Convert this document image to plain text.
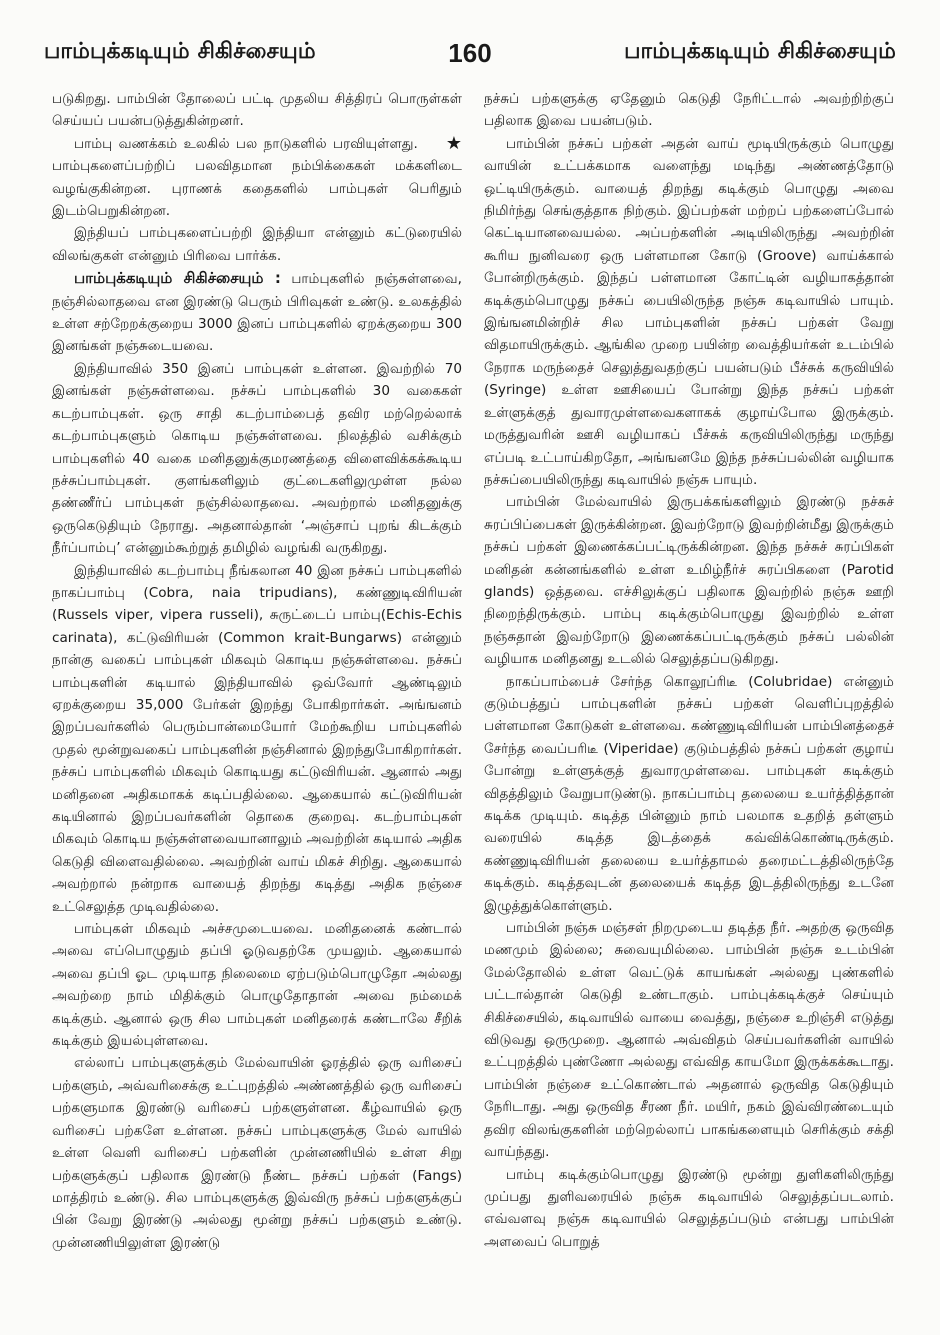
பாம்புக்கடியும் சிகிச்சையும்	160	பாம்புக்கடியும் சிகிச்சையும்

படுகிறது. பாம்பின் தோலைப் பட்டி முதலிய சித்திரப் பொருள்கள் செய்யப் பயன்படுத்துகின்றனர்.

★
பாம்பு வணக்கம் உலகில் பல நாடுகளில் பரவியுள்ளது. பாம்புகளைப்பற்றிப் பலவிதமான நம்பிக்கைகள் மக்களிடை வழங்குகின்றன. புராணக் கதைகளில் பாம்புகள் பெரிதும் இடம்பெறுகின்றன.

இந்தியப் பாம்புகளைப்பற்றி இந்தியா என்னும் கட்டுரையில் விலங்குகள் என்னும் பிரிவை பார்க்க.

பாம்புக்கடியும் சிகிச்சையும் : பாம்புகளில் நஞ்சுள்ளவை, நஞ்சில்லாதவை என இரண்டு பெரும் பிரிவுகள் உண்டு. உலகத்தில் உள்ள சற்றேறக்குறைய 3000 இனப் பாம்புகளில் ஏறக்குறைய 300 இனங்கள் நஞ்சுடையவை.

இந்தியாவில் 350 இனப் பாம்புகள் உள்ளன. இவற்றில் 70 இனங்கள் நஞ்சுள்ளவை. நச்சுப் பாம்புகளில் 30 வகைகள் கடற்பாம்புகள். ஒரு சாதி கடற்பாம்பைத் தவிர மற்றெல்லாக் கடற்பாம்புகளும் கொடிய நஞ்சுள்ளவை. நிலத்தில் வசிக்கும் பாம்புகளில் 40 வகை மனிதனுக்குமரணத்தை விளைவிக்கக்கூடிய நச்சுப்பாம்புகள். குளங்களிலும் குட்டைகளிலுமுள்ள நல்ல தண்ணீர்ப் பாம்புகள் நஞ்சில்லாதவை. அவற்றால் மனிதனுக்கு ஒருகெடுதியும் நேராது. அதனால்தான் ‘அஞ்சாப் புறங் கிடக்கும் நீர்ப்பாம்பு’ என்னும்கூற்றுத் தமிழில் வழங்கி வருகிறது.

இந்தியாவில் கடற்பாம்பு நீங்கலான 40 இன நச்சுப் பாம்புகளில் நாகப்பாம்பு (Cobra, naia tripudians), கண்ணுடிவிரியன் (Russels viper, vipera russeli), சுருட்டைப் பாம்பு(Echis-Echis carinata), கட்டுவிரியன் (Common krait-Bungarws) என்னும் நான்கு வகைப் பாம்புகள் மிகவும் கொடிய நஞ்சுள்ளவை. நச்சுப் பாம்புகளின் கடியால் இந்தியாவில் ஒவ்வோர் ஆண்டிலும் ஏறக்குறைய 35,000 பேர்கள் இறந்து போகிறார்கள். அங்ஙனம் இறப்பவர்களில் பெரும்பான்மையோர் மேற்கூறிய பாம்புகளில் முதல் மூன்றுவகைப் பாம்புகளின் நஞ்சினால் இறந்துபோகிறார்கள். நச்சுப் பாம்புகளில் மிகவும் கொடியது கட்டுவிரியன். ஆனால் அது மனிதனை அதிகமாகக் கடிப்பதில்லை. ஆகையால் கட்டுவிரியன் கடியினால் இறப்பவர்களின் தொகை குறைவு. கடற்பாம்புகள் மிகவும் கொடிய நஞ்சுள்ளவையானாலும் அவற்றின் கடியால் அதிக கெடுதி விளைவதில்லை. அவற்றின் வாய் மிகச் சிறிது. ஆகையால் அவற்றால் நன்றாக வாயைத் திறந்து கடித்து அதிக நஞ்சை உட்செலுத்த முடிவதில்லை.

பாம்புகள் மிகவும் அச்சமுடையவை. மனிதனைக் கண்டால் அவை எப்பொழுதும் தப்பி ஓடுவதற்கே முயலும். ஆகையால் அவை தப்பி ஓட முடியாத நிலைமை ஏற்படும்பொழுதோ அல்லது அவற்றை நாம் மிதிக்கும் பொழுதோதான் அவை நம்மைக் கடிக்கும். ஆனால் ஒரு சில பாம்புகள் மனிதரைக் கண்டாலே சீறிக் கடிக்கும் இயல்புள்ளவை.

எல்லாப் பாம்புகளுக்கும் மேல்வாயின் ஓரத்தில் ஒரு வரிசைப் பற்களும், அவ்வரிசைக்கு உட்புறத்தில் அண்ணத்தில் ஒரு வரிசைப் பற்களுமாக இரண்டு வரிசைப் பற்களுள்ளன. கீழ்வாயில் ஒரு வரிசைப் பற்களே உள்ளன. நச்சுப் பாம்புகளுக்கு மேல் வாயில் உள்ள வெளி வரிசைப் பற்களின் முன்னணியில் உள்ள சிறு பற்களுக்குப் பதிலாக இரண்டு நீண்ட நச்சுப் பற்கள் (Fangs) மாத்திரம் உண்டு. சில பாம்புகளுக்கு இவ்விரு நச்சுப் பற்களுக்குப் பின் வேறு இரண்டு அல்லது மூன்று நச்சுப் பற்களும் உண்டு. முன்னணியிலுள்ள இரண்டு

நச்சுப் பற்களுக்கு ஏதேனும் கெடுதி நேரிட்டால் அவற்றிற்குப் பதிலாக இவை பயன்படும்.

பாம்பின் நச்சுப் பற்கள் அதன் வாய் மூடியிருக்கும் பொழுது வாயின் உட்பக்கமாக வளைந்து மடிந்து அண்ணத்தோடு ஒட்டியிருக்கும். வாயைத் திறந்து கடிக்கும் பொழுது அவை நிமிர்ந்து செங்குத்தாக நிற்கும். இப்பற்கள் மற்றப் பற்களைப்போல் கெட்டியானவையல்ல. அப்பற்களின் அடியிலிருந்து அவற்றின் கூரிய நுனிவரை ஒரு பள்ளமான கோடு (Groove) வாய்க்கால் போன்றிருக்கும். இந்தப் பள்ளமான கோட்டின் வழியாகத்தான் கடிக்கும்பொழுது நச்சுப் பையிலிருந்த நஞ்சு கடிவாயில் பாயும். இங்ஙனமின்றிச் சில பாம்புகளின் நச்சுப் பற்கள் வேறு விதமாயிருக்கும். ஆங்கில முறை பயின்ற வைத்தியர்கள் உடம்பில் நேராக மருந்தைச் செலுத்துவதற்குப் பயன்படும் பீச்சுக் கருவியில் (Syringe) உள்ள ஊசியைப் போன்று இந்த நச்சுப் பற்கள் உள்ளுக்குத் துவாரமுள்ளவைகளாகக் குழாய்போல இருக்கும். மருத்துவரின் ஊசி வழியாகப் பீச்சுக் கருவியிலிருந்து மருந்து எப்படி உட்பாய்கிறதோ, அங்ஙனமே இந்த நச்சுப்பல்லின் வழியாக நச்சுப்பையிலிருந்து கடிவாயில் நஞ்சு பாயும்.

பாம்பின் மேல்வாயில் இருபக்கங்களிலும் இரண்டு நச்சுச் சுரப்பிப்பைகள் இருக்கின்றன. இவற்றோடு இவற்றின்மீது இருக்கும் நச்சுப் பற்கள் இணைக்கப்பட்டிருக்கின்றன. இந்த நச்சுச் சுரப்பிகள் மனிதன் கன்னங்களில் உள்ள உமிழ்நீர்ச் சுரப்பிகளை (Parotid glands) ஒத்தவை. எச்சிலுக்குப் பதிலாக இவற்றில் நஞ்சு ஊறி நிறைந்திருக்கும். பாம்பு கடிக்கும்பொழுது இவற்றில் உள்ள நஞ்சுதான் இவற்றோடு இணைக்கப்பட்டிருக்கும் நச்சுப் பல்லின் வழியாக மனிதனது உடலில் செலுத்தப்படுகிறது.

நாகப்பாம்பைச் சேர்ந்த கொலூப்ரிடீ (Colubridae) என்னும் குடும்பத்துப் பாம்புகளின் நச்சுப் பற்கள் வெளிப்புறத்தில் பள்ளமான கோடுகள் உள்ளவை. கண்ணுடிவிரியன் பாம்பினத்தைச் சேர்ந்த வைப்பரிடீ (Viperidae) குடும்பத்தில் நச்சுப் பற்கள் குழாய் போன்று உள்ளுக்குத் துவாரமுள்ளவை. பாம்புகள் கடிக்கும் விதத்திலும் வேறுபாடுண்டு. நாகப்பாம்பு தலையை உயர்த்தித்தான் கடிக்க முடியும். கடித்த பின்னும் நாம் பலமாக உதறித் தள்ளும் வரையில் கடித்த இடத்தைக் கவ்விக்கொண்டிருக்கும். கண்ணுடிவிரியன் தலையை உயர்த்தாமல் தரைமட்டத்திலிருந்தே கடிக்கும். கடித்தவுடன் தலையைக் கடித்த இடத்திலிருந்து உடனே இழுத்துக்கொள்ளும்.

பாம்பின் நஞ்சு மஞ்சள் நிறமுடைய தடித்த நீர். அதற்கு ஒருவித மணமும் இல்லை; சுவையுமில்லை. பாம்பின் நஞ்சு உடம்பின் மேல்தோலில் உள்ள வெட்டுக் காயங்கள் அல்லது புண்களில் பட்டால்தான் கெடுதி உண்டாகும். பாம்புக்கடிக்குச் செய்யும் சிகிச்சையில், கடிவாயில் வாயை வைத்து, நஞ்சை உறிஞ்சி எடுத்து விடுவது ஒருமுறை. ஆனால் அவ்விதம் செய்பவர்களின் வாயில் உட்புறத்தில் புண்ணோ அல்லது எவ்வித காயமோ இருக்கக்கூடாது. பாம்பின் நஞ்சை உட்கொண்டால் அதனால் ஒருவித கெடுதியும் நேரிடாது. அது ஒருவித சீரண நீர். மயிர், நகம் இவ்விரண்டையும் தவிர விலங்குகளின் மற்றெல்லாப் பாகங்களையும் செரிக்கும் சக்தி வாய்ந்தது.

பாம்பு கடிக்கும்பொழுது இரண்டு மூன்று துளிகளிலிருந்து முப்பது துளிவரையில் நஞ்சு கடிவாயில் செலுத்தப்படலாம். எவ்வளவு நஞ்சு கடிவாயில் செலுத்தப்படும் என்பது பாம்பின் அளவைப் பொறுத்
